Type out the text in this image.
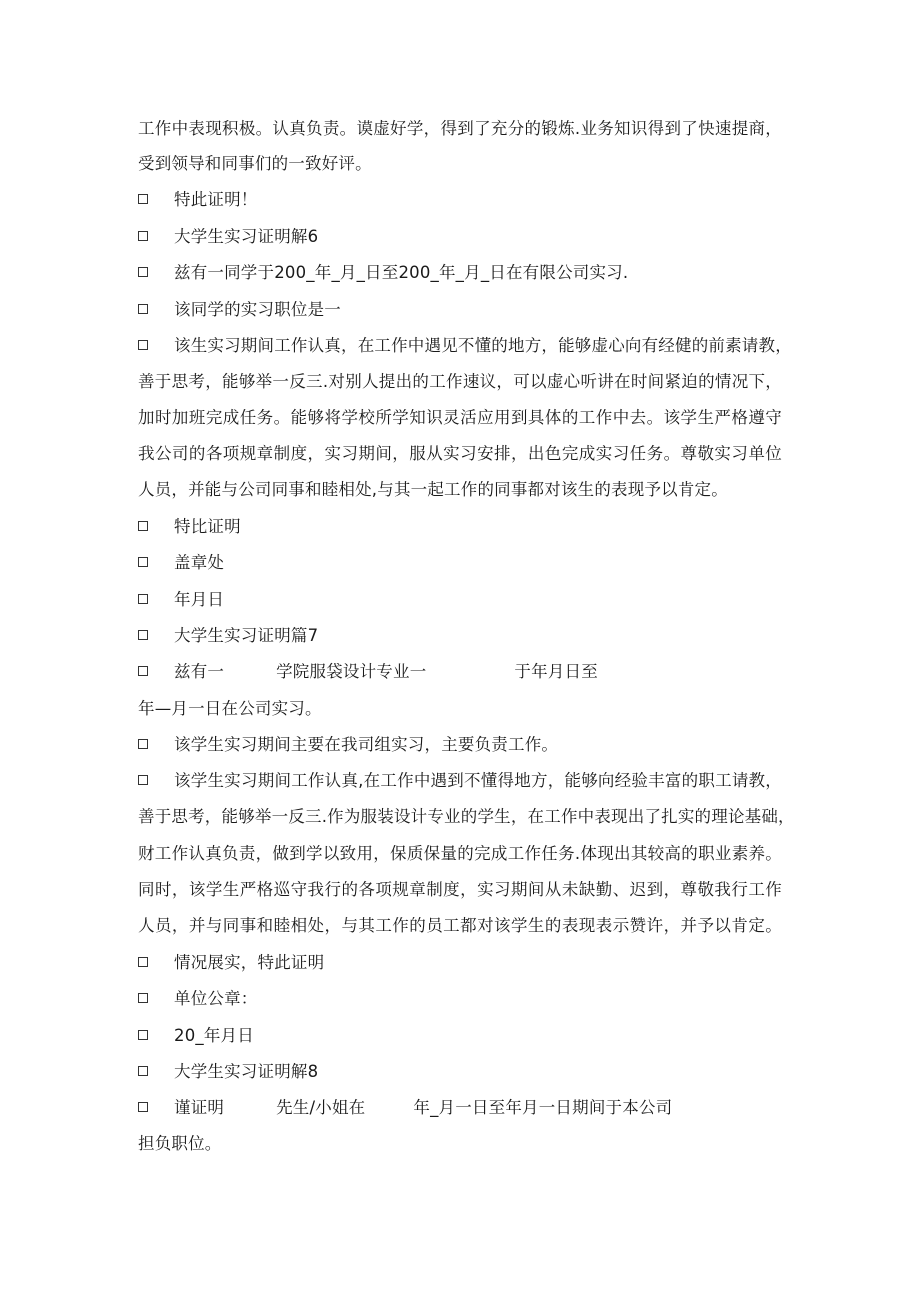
工作中表现积极。认真负责。谟虚好学，得到了充分的锻炼.业务知识得到了快速提商，
受到领导和同事们的一致好评。
特此证明！
大学生实习证明解6
兹有一同学于200_年_月_日至200_年_月_日在有限公司实习.
该同学的实习职位是一
该生实习期间工作认真，在工作中遇见不懂的地方，能够虚心向有经健的前素请教，
善于思考，能够举一反三.对别人提出的工作速议，可以虚心听讲在时间紧迫的情况下，
加时加班完成任务。能够将学校所学知识灵活应用到具体的工作中去。该学生严格遵守
我公司的各项规章制度，实习期间，服从实习安排，出色完成实习任务。尊敬实习单位
人员，并能与公司同事和睦相处,与其一起工作的同事都对该生的表现予以肯定。
特比证明
盖章处
年月日
大学生实习证明篇7
兹有一	学院服袋设计专业一	于年月日至
年—月一日在公司实习。
该学生实习期间主要在我司组实习，主要负责工作。
该学生实习期间工作认真,在工作中遇到不懂得地方，能够向经验丰富的职工请教，
善于思考，能够举一反三.作为服装设计专业的学生，在工作中表现出了扎实的理论基础，
财工作认真负责，做到学以致用，保质保量的完成工作任务.体现出其较高的职业素养。
同时，该学生严格巡守我行的各项规章制度，实习期间从未缺勤、迟到，尊敬我行工作
人员，并与同事和睦相处，与其工作的员工都对该学生的表现表示赞许，并予以肯定。
情况展实，特此证明
单位公章：
20_年月日
大学生实习证明解8
谨证明	先生/小姐在	年_月一日至年月一日期间于本公司
担负职位。
